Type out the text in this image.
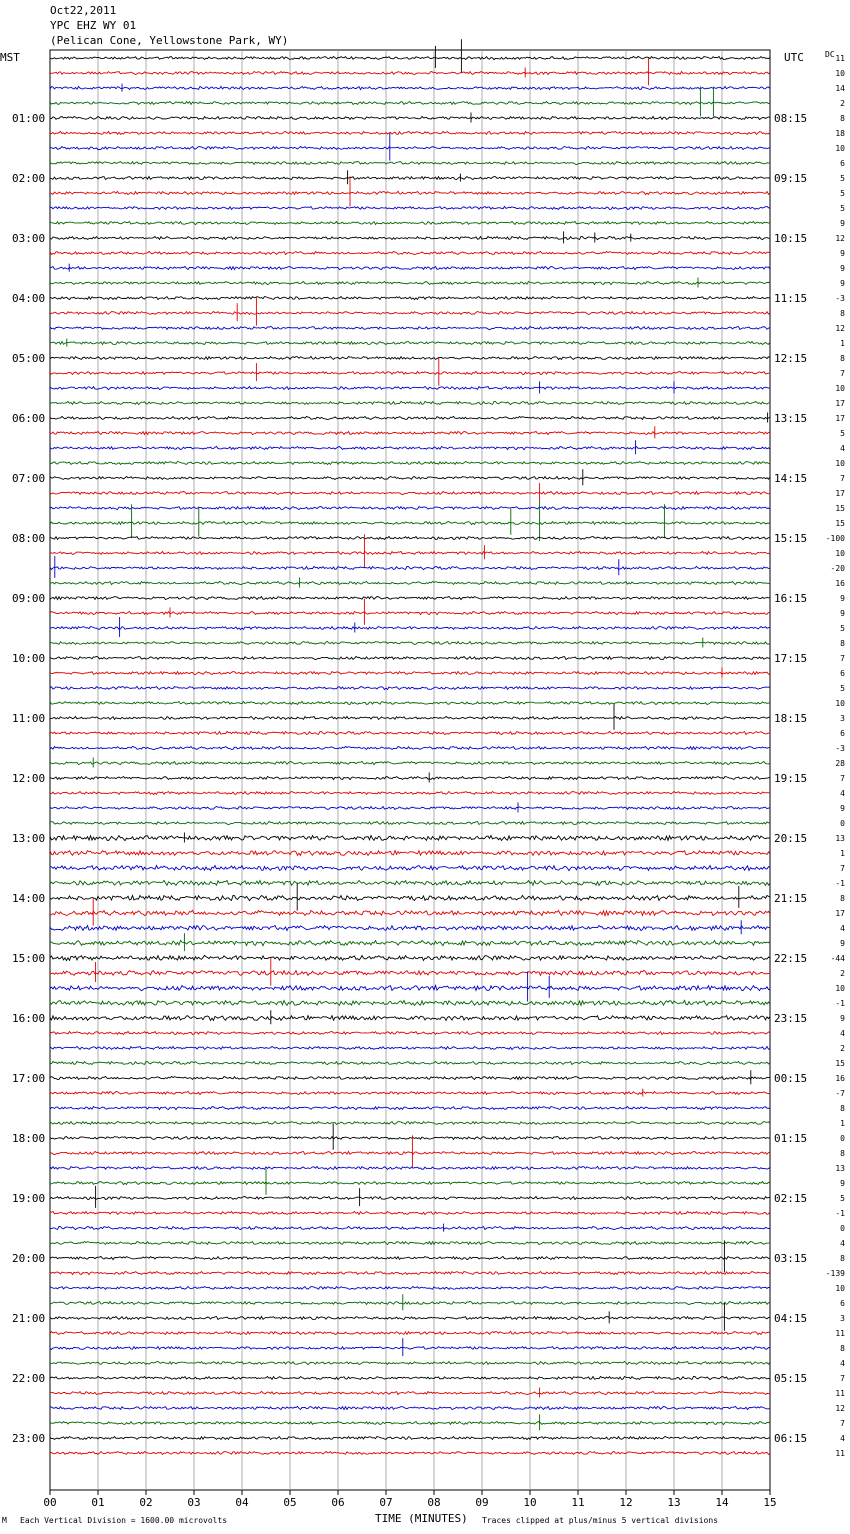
Oct22,2011
YPC EHZ WY 01
(Pelican Cone, Yellowstone Park, WY)
00	01	02	03	04	05	06	07	08	09	10	11	12	13	14	15
MST	UTC	DC
TIME (MINUTES)
M Each Vertical Division = 1600.00 microvolts	Traces clipped at plus/minus 5 vertical divisions
01:00
02:00
03:00
04:00
05:00
06:00
07:00
08:00
09:00
10:00
11:00
12:00
13:00
14:00
15:00
16:00
17:00
18:00
19:00
20:00
21:00
22:00
23:00
08:15
09:15
10:15
11:15
12:15
13:15
14:15
15:15
16:15
17:15
18:15
19:15
20:15
21:15
22:15
23:15
00:15
01:15
02:15
03:15
04:15
05:15
06:15
11
10
14
2
8
18
10
6
5
5
5
9
12
9
9
9
-3
8
12
1
8
7
10
17
17
5
4
10
7
17
15
15
-100
10
-20
16
9
9
5
8
7
6
5
10
3
6
-3
28
7
4
9
0
13
1
7
-1
8
17
4
9
-44
2
10
-1
9
4
2
15
16
-7
8
1
0
8
13
9
5
-1
0
4
8
-139
10
6
3
11
8
4
7
11
12
7
4
11
